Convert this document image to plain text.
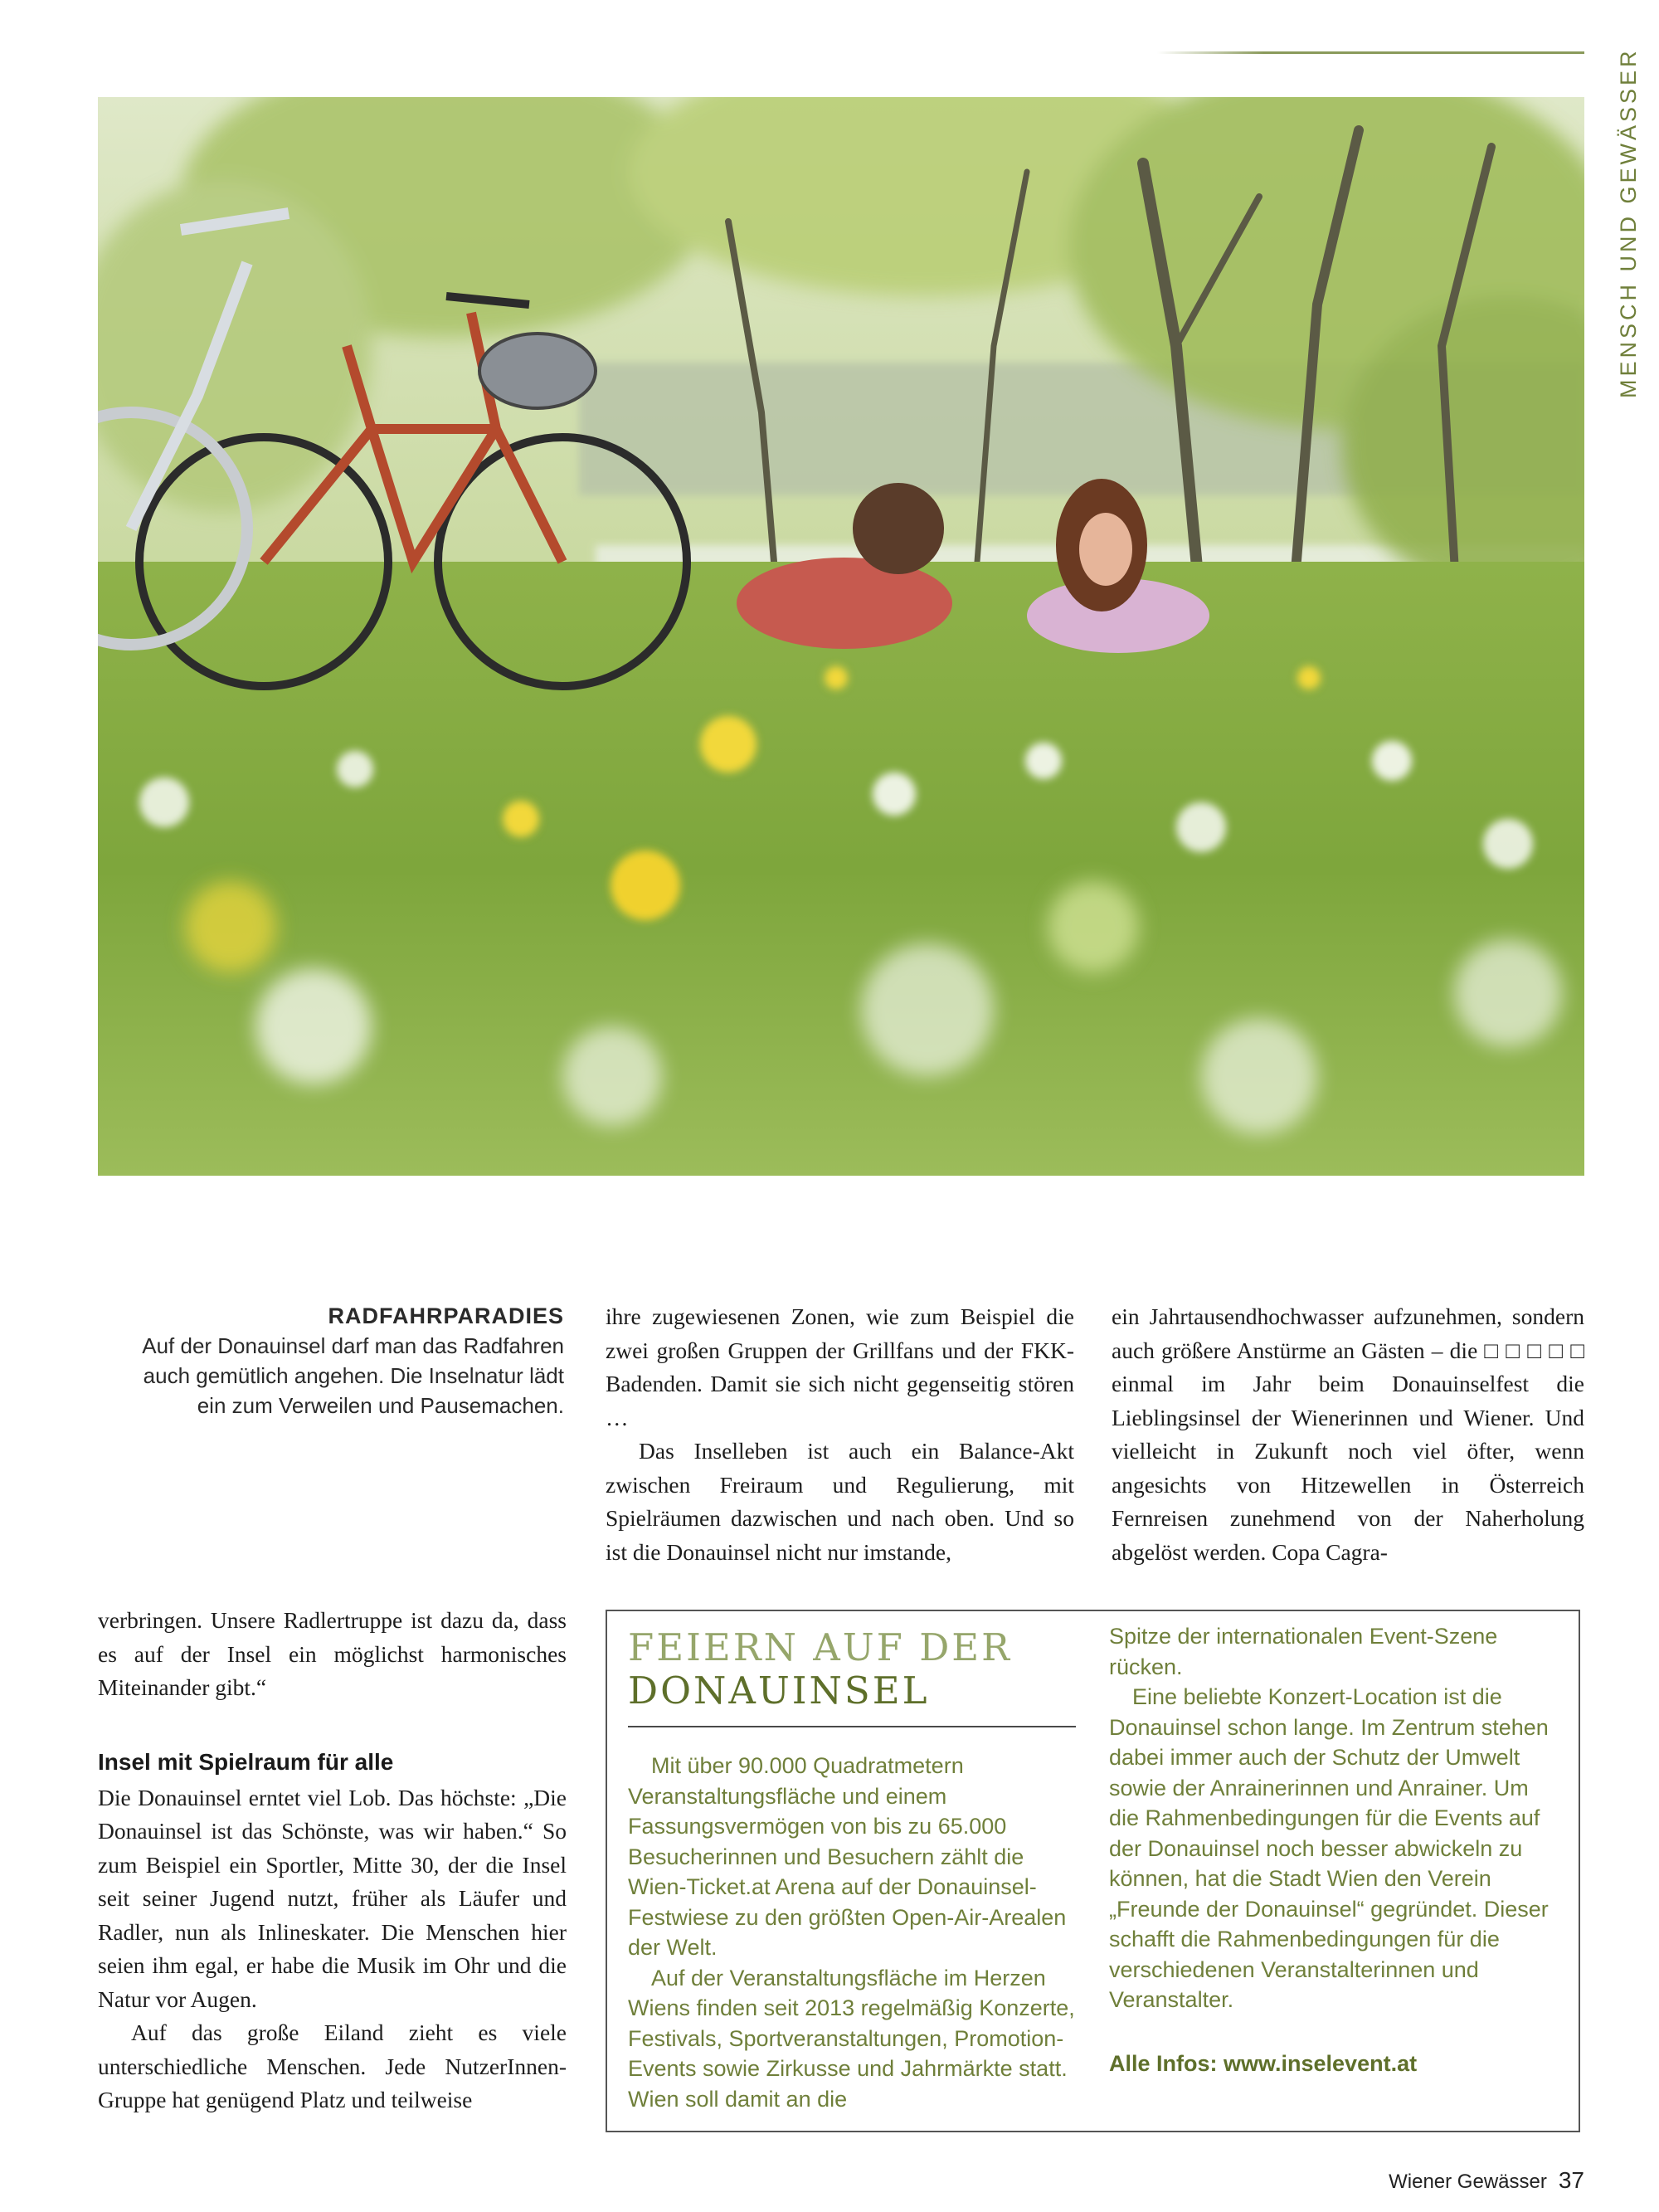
MENSCH UND GEWÄSSER
RADFAHRPARADIES

Auf der Donauinsel darf man das Radfahren auch gemütlich angehen. Die Inselnatur lädt ein zum Verweilen und Pausemachen.

ihre zugewiesenen Zonen, wie zum Beispiel die zwei großen Gruppen der Grillfans und der FKK-Badenden. Damit sie sich nicht gegenseitig stören …

Das Inselleben ist auch ein Balance-Akt zwischen Freiraum und Regulierung, mit Spielräumen dazwischen und nach oben. Und so ist die Donauinsel nicht nur imstande,

ein Jahrtausendhochwasser aufzunehmen, sondern auch größere Anstürme an Gästen – die □ □ □ □ □ einmal im Jahr beim Donauinselfest die Lieblingsinsel der Wienerinnen und Wiener. Und vielleicht in Zukunft noch viel öfter, wenn angesichts von Hitzewellen in Österreich Fernreisen zunehmend von der Naherholung abgelöst werden. Copa Cagra-

verbringen. Unsere Radlertruppe ist dazu da, dass es auf der Insel ein möglichst harmonisches Miteinander gibt.“

Insel mit Spielraum für alle

Die Donauinsel erntet viel Lob. Das höchste: „Die Donauinsel ist das Schönste, was wir haben.“ So zum Beispiel ein Sportler, Mitte 30, der die Insel seit seiner Jugend nutzt, früher als Läufer und Radler, nun als Inlineskater. Die Menschen hier seien ihm egal, er habe die Musik im Ohr und die Natur vor Augen.

Auf das große Eiland zieht es viele unterschiedliche Menschen. Jede NutzerInnen-Gruppe hat genügend Platz und teilweise

FEIERN AUF DER
DONAUINSEL

Mit über 90.000 Quadratmetern Veranstaltungsfläche und einem Fassungsvermögen von bis zu 65.000 Besucherinnen und Besuchern zählt die Wien-Ticket.at Arena auf der Donauinsel-Festwiese zu den größten Open-Air-Arealen der Welt.

Auf der Veranstaltungsfläche im Herzen Wiens finden seit 2013 regelmäßig Konzerte, Festivals, Sportveranstaltungen, Promotion-Events sowie Zirkusse und Jahrmärkte statt. Wien soll damit an die

Spitze der internationalen Event-Szene rücken.

Eine beliebte Konzert-Location ist die Donauinsel schon lange. Im Zentrum stehen dabei immer auch der Schutz der Umwelt sowie der Anrainerinnen und Anrainer. Um die Rahmenbedingungen für die Events auf der Donauinsel noch besser abwickeln zu können, hat die Stadt Wien den Verein „Freunde der Donauinsel“ gegründet. Dieser schafft die Rahmenbedingungen für die verschiedenen Veranstalterinnen und Veranstalter.

Alle Infos: www.inselevent.at

Wiener Gewässer 37
